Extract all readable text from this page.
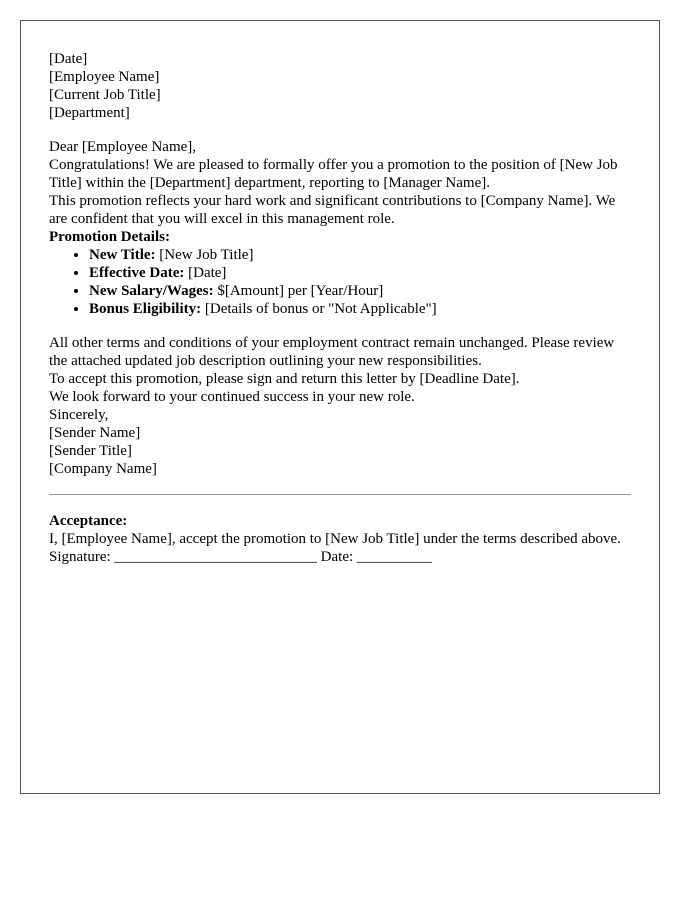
[Date]

[Employee Name]
[Current Job Title]
[Department]

Dear [Employee Name],

Congratulations! We are pleased to formally offer you a promotion to the position of [New Job Title] within the [Department] department, reporting to [Manager Name].

This promotion reflects your hard work and significant contributions to [Company Name]. We are confident that you will excel in this management role.

Promotion Details:

• New Title: [New Job Title]
• Effective Date: [Date]
• New Salary/Wages: $[Amount] per [Year/Hour]
• Bonus Eligibility: [Details of bonus or "Not Applicable"]

All other terms and conditions of your employment contract remain unchanged. Please review the attached updated job description outlining your new responsibilities.

To accept this promotion, please sign and return this letter by [Deadline Date].

We look forward to your continued success in your new role.

Sincerely,

[Sender Name]
[Sender Title]
[Company Name]

Acceptance:

I, [Employee Name], accept the promotion to [New Job Title] under the terms described above.

Signature: ___________________________ Date: __________
